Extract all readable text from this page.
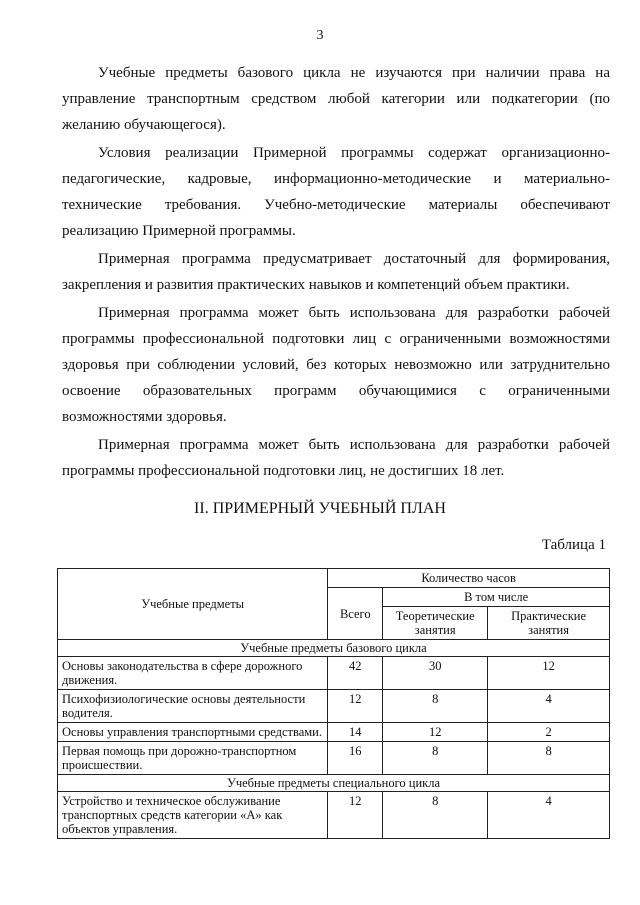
3

Учебные предметы базового цикла не изучаются при наличии права на управление транспортным средством любой категории или подкатегории (по желанию обучающегося).

Условия реализации Примерной программы содержат организационно-педагогические, кадровые, информационно-методические и материально-технические требования. Учебно-методические материалы обеспечивают реализацию Примерной программы.

Примерная программа предусматривает достаточный для формирования, закрепления и развития практических навыков и компетенций объем практики.

Примерная программа может быть использована для разработки рабочей программы профессиональной подготовки лиц с ограниченными возможностями здоровья при соблюдении условий, без которых невозможно или затруднительно освоение образовательных программ обучающимися с ограниченными возможностями здоровья.

Примерная программа может быть использована для разработки рабочей программы профессиональной подготовки лиц, не достигших 18 лет.

II. ПРИМЕРНЫЙ УЧЕБНЫЙ ПЛАН
Таблица 1
Учебные предметы	Количество часов		
	Всего	В том числе	
		Теоретические занятия	Практические занятия
Учебные предметы базового цикла			
Основы законодательства в сфере дорожного движения.	42	30	12
Психофизиологические основы деятельности водителя.	12	8	4
Основы управления транспортными средствами.	14	12	2
Первая помощь при дорожно-транспортном происшествии.	16	8	8
Учебные предметы специального цикла			
Устройство и техническое обслуживание транспортных средств категории «А» как объектов управления.	12	8	4
